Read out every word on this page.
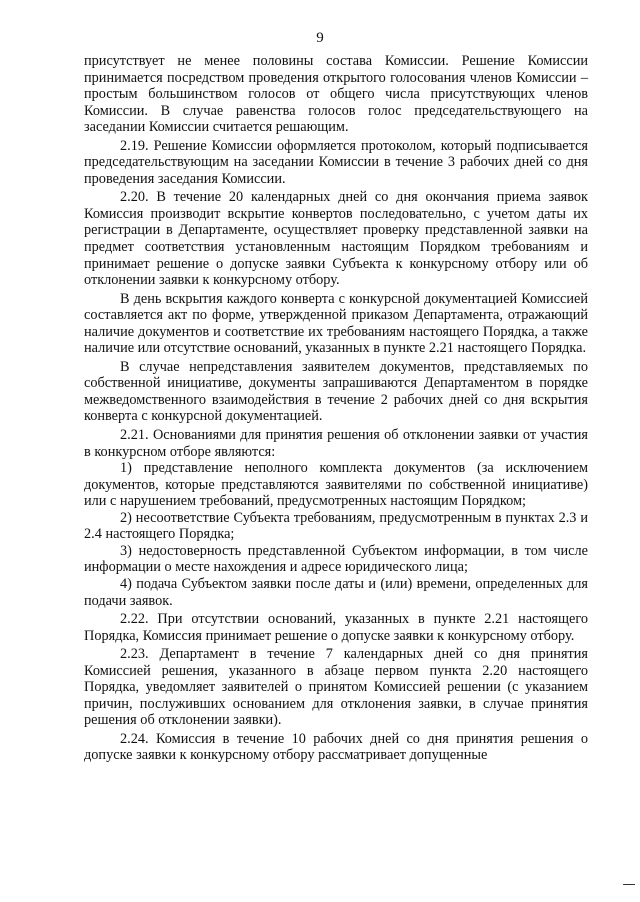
9

присутствует не менее половины состава Комиссии. Решение Комиссии принимается посредством проведения открытого голосования членов Комиссии – простым большинством голосов от общего числа присутствующих членов Комиссии. В случае равенства голосов голос председательствующего на заседании Комиссии считается решающим.

2.19. Решение Комиссии оформляется протоколом, который подписывается председательствующим на заседании Комиссии в течение 3 рабочих дней со дня проведения заседания Комиссии.

2.20. В течение 20 календарных дней со дня окончания приема заявок Комиссия производит вскрытие конвертов последовательно, с учетом даты их регистрации в Департаменте, осуществляет проверку представленной заявки на предмет соответствия установленным настоящим Порядком требованиям и принимает решение о допуске заявки Субъекта к конкурсному отбору или об отклонении заявки к конкурсному отбору.

В день вскрытия каждого конверта с конкурсной документацией Комиссией составляется акт по форме, утвержденной приказом Департамента, отражающий наличие документов и соответствие их требованиям настоящего Порядка, а также наличие или отсутствие оснований, указанных в пункте 2.21 настоящего Порядка.

В случае непредставления заявителем документов, представляемых по собственной инициативе, документы запрашиваются Департаментом в порядке межведомственного взаимодействия в течение 2 рабочих дней со дня вскрытия конверта с конкурсной документацией.

2.21. Основаниями для принятия решения об отклонении заявки от участия в конкурсном отборе являются:

1) представление неполного комплекта документов (за исключением документов, которые представляются заявителями по собственной инициативе) или с нарушением требований, предусмотренных настоящим Порядком;

2) несоответствие Субъекта требованиям, предусмотренным в пунктах 2.3 и 2.4 настоящего Порядка;

3) недостоверность представленной Субъектом информации, в том числе информации о месте нахождения и адресе юридического лица;

4) подача Субъектом заявки после даты и (или) времени, определенных для подачи заявок.

2.22. При отсутствии оснований, указанных в пункте 2.21 настоящего Порядка, Комиссия принимает решение о допуске заявки к конкурсному отбору.

2.23. Департамент в течение 7 календарных дней со дня принятия Комиссией решения, указанного в абзаце первом пункта 2.20 настоящего Порядка, уведомляет заявителей о принятом Комиссией решении (с указанием причин, послуживших основанием для отклонения заявки, в случае принятия решения об отклонении заявки).

2.24. Комиссия в течение 10 рабочих дней со дня принятия решения о допуске заявки к конкурсному отбору рассматривает допущенные
